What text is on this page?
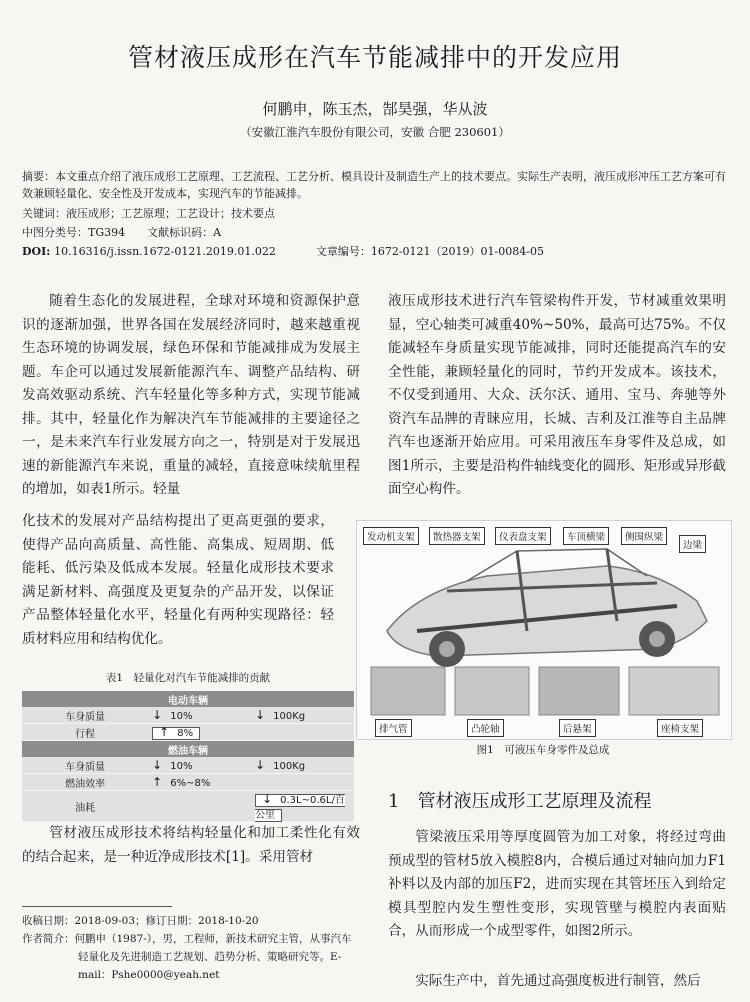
管材液压成形在汽车节能减排中的开发应用
何鹏申，陈玉杰，郜昊强，华从波
（安徽江淮汽车股份有限公司，安徽 合肥 230601）
摘要：本文重点介绍了液压成形工艺原理、工艺流程、工艺分析、模具设计及制造生产上的技术要点。实际生产表明，液压成形冲压工艺方案可有效兼顾轻量化、安全性及开发成本，实现汽车的节能减排。
关键词：液压成形；工艺原理；工艺设计；技术要点
中图分类号：TG394 文献标识码：A
DOI: 10.16316/j.issn.1672-0121.2019.01.022	文章编号：1672-0121（2019）01-0084-05

随着生态化的发展进程，全球对环境和资源保护意识的逐渐加强，世界各国在发展经济同时，越来越重视生态环境的协调发展，绿色环保和节能减排成为发展主题。车企可以通过发展新能源汽车、调整产品结构、研发高效驱动系统、汽车轻量化等多种方式，实现节能减排。其中，轻量化作为解决汽车节能减排的主要途径之一，是未来汽车行业发展方向之一，特别是对于发展迅速的新能源汽车来说，重量的减轻，直接意味续航里程的增加，如表1所示。轻量

化技术的发展对产品结构提出了更高更强的要求，使得产品向高质量、高性能、高集成、短周期、低能耗、低污染及低成本发展。轻量化成形技术要求满足新材料、高强度及更复杂的产品开发，以保证产品整体轻量化水平，轻量化有两种实现路径：轻质材料应用和结构优化。

表1　轻量化对汽车节能减排的贡献
电动车辆		
车身质量	↓ 10%	↓ 100Kg
行程	↑ 8%	
燃油车辆		
车身质量	↓ 10%	↓ 100Kg
燃油效率	↑ 6%~8%	
油耗		↓ 0.3L~0.6L/百公里

管材液压成形技术将结构轻量化和加工柔性化有效的结合起来，是一种近净成形技术[1]。采用管材

液压成形技术进行汽车管梁构件开发，节材减重效果明显，空心轴类可减重40%~50%，最高可达75%。不仅能减轻车身质量实现节能减排，同时还能提高汽车的安全性能，兼顾轻量化的同时，节约开发成本。该技术，不仅受到通用、大众、沃尔沃、通用、宝马、奔驰等外资汽车品牌的青睐应用，长城、吉利及江淮等自主品牌汽车也逐渐开始应用。可采用液压车身零件及总成，如图1所示，主要是沿构件轴线变化的圆形、矩形或异形截面空心构件。

发动机支架	散热器支架	仪表盘支架	车顶横梁	侧围纵梁
边梁
排气管	凸轮轴	后悬架	座椅支架
图1　可液压车身零件及总成
1　管材液压成形工艺原理及流程

管梁液压采用等厚度圆管为加工对象，将经过弯曲预成型的管材5放入模腔8内，合模后通过对轴向加力F1补料以及内部的加压F2，进而实现在其管坯压入到给定模具型腔内发生塑性变形，实现管壁与模腔内表面贴合，从而形成一个成型零件，如图2所示。

实际生产中，首先通过高强度板进行制管，然后

收稿日期：2018-09-03；修订日期：2018-10-20

作者简介：何鹏申（1987-），男，工程师，新技术研究主管，从事汽车轻量化及先进制造工艺规划、趋势分析、策略研究等。E-mail：Pshe0000@yeah.net
